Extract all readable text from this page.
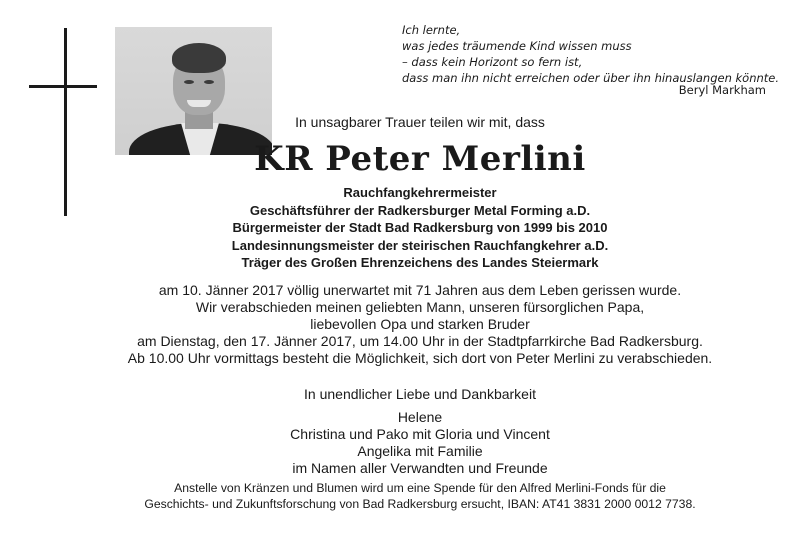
Ich lernte,
was jedes träumende Kind wissen muss
– dass kein Horizont so fern ist,
dass man ihn nicht erreichen oder über ihn hinauslangen könnte.
Beryl Markham
In unsagbarer Trauer teilen wir mit, dass
KR Peter Merlini
Rauchfangkehrermeister
Geschäftsführer der Radkersburger Metal Forming a.D.
Bürgermeister der Stadt Bad Radkersburg von 1999 bis 2010
Landesinnungsmeister der steirischen Rauchfangkehrer a.D.
Träger des Großen Ehrenzeichens des Landes Steiermark
am 10. Jänner 2017 völlig unerwartet mit 71 Jahren aus dem Leben gerissen wurde.
Wir verabschieden meinen geliebten Mann, unseren fürsorglichen Papa,
liebevollen Opa und starken Bruder
am Dienstag, den 17. Jänner 2017, um 14.00 Uhr in der Stadtpfarrkirche Bad Radkersburg.
Ab 10.00 Uhr vormittags besteht die Möglichkeit, sich dort von Peter Merlini zu verabschieden.
In unendlicher Liebe und Dankbarkeit
Helene
Christina und Pako mit Gloria und Vincent
Angelika mit Familie
im Namen aller Verwandten und Freunde
Anstelle von Kränzen und Blumen wird um eine Spende für den Alfred Merlini-Fonds für die
Geschichts- und Zukunftsforschung von Bad Radkersburg ersucht, IBAN: AT41 3831 2000 0012 7738.
